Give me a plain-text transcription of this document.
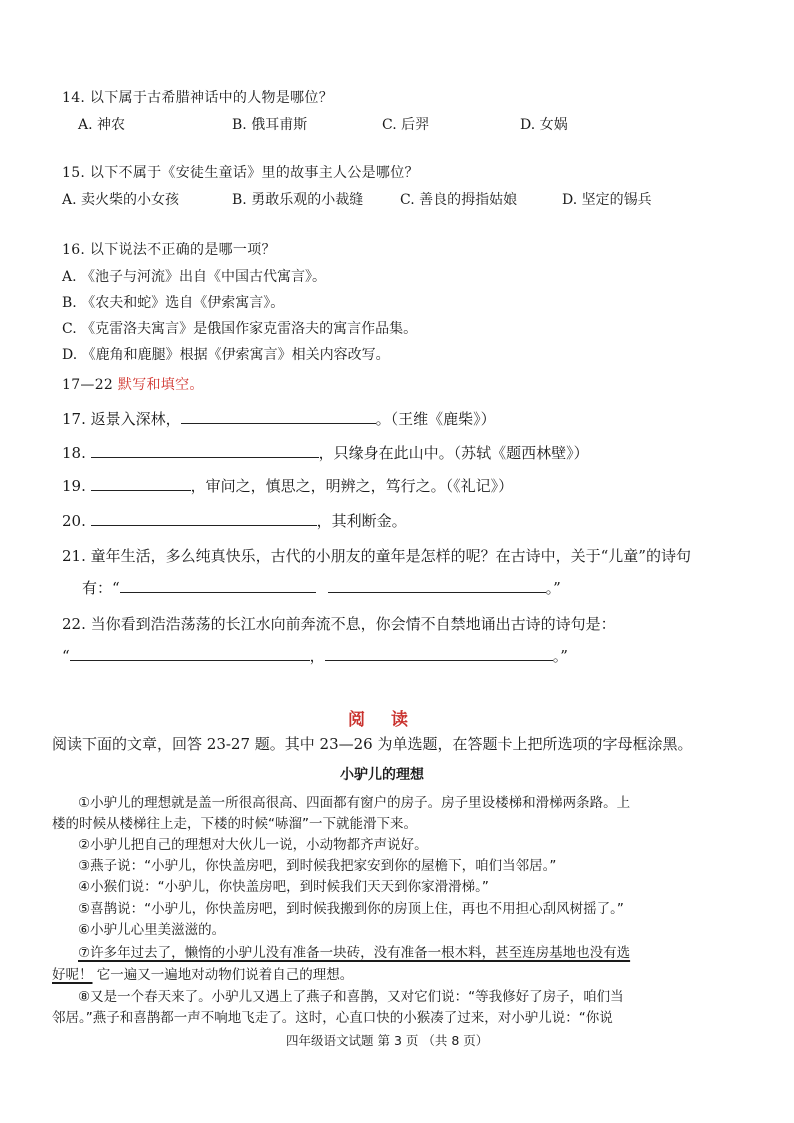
14. 以下属于古希腊神话中的人物是哪位？
A. 神农	B. 俄耳甫斯	C. 后羿	D. 女娲
15. 以下不属于《安徒生童话》里的故事主人公是哪位？
A. 卖火柴的小女孩	B. 勇敢乐观的小裁缝	C. 善良的拇指姑娘	D. 坚定的锡兵
16. 以下说法不正确的是哪一项？
A. 《池子与河流》出自《中国古代寓言》。
B. 《农夫和蛇》选自《伊索寓言》。
C. 《克雷洛夫寓言》是俄国作家克雷洛夫的寓言作品集。
D. 《鹿角和鹿腿》根据《伊索寓言》相关内容改写。
17—22 默写和填空。
17. 返景入深林，	。（王维《鹿柴》）
18.	，只缘身在此山中。（苏轼《题西林壁》）
19.	，审问之，慎思之，明辨之，笃行之。（《礼记》）
20.	，其利断金。
21. 童年生活，多么纯真快乐，古代的小朋友的童年是怎样的呢？在古诗中，关于“儿童”的诗句
有：“	。”
22. 当你看到浩浩荡荡的长江水向前奔流不息，你会情不自禁地诵出古诗的诗句是：
“	，	。”
阅读
阅读下面的文章，回答 23-27 题。其中 23—26 为单选题，在答题卡上把所选项的字母框涂黑。
小驴儿的理想
①小驴儿的理想就是盖一所很高很高、四面都有窗户的房子。房子里设楼梯和滑梯两条路。上
楼的时候从楼梯往上走，下楼的时候“哧溜”一下就能滑下来。
②小驴儿把自己的理想对大伙儿一说，小动物都齐声说好。
③燕子说：“小驴儿，你快盖房吧，到时候我把家安到你的屋檐下，咱们当邻居。”
④小猴们说：“小驴儿，你快盖房吧，到时候我们天天到你家滑滑梯。”
⑤喜鹊说：“小驴儿，你快盖房吧，到时候我搬到你的房顶上住，再也不用担心刮风树摇了。”
⑥小驴儿心里美滋滋的。
⑦许多年过去了，懒惰的小驴儿没有准备一块砖，没有准备一根木料，甚至连房基地也没有选
好呢！ 它一遍又一遍地对动物们说着自己的理想。
⑧又是一个春天来了。小驴儿又遇上了燕子和喜鹊，又对它们说：“等我修好了房子，咱们当
邻居。”燕子和喜鹊都一声不响地飞走了。这时，心直口快的小猴凑了过来，对小驴儿说：“你说
四年级语文试题 第 3 页 （共 8 页）
